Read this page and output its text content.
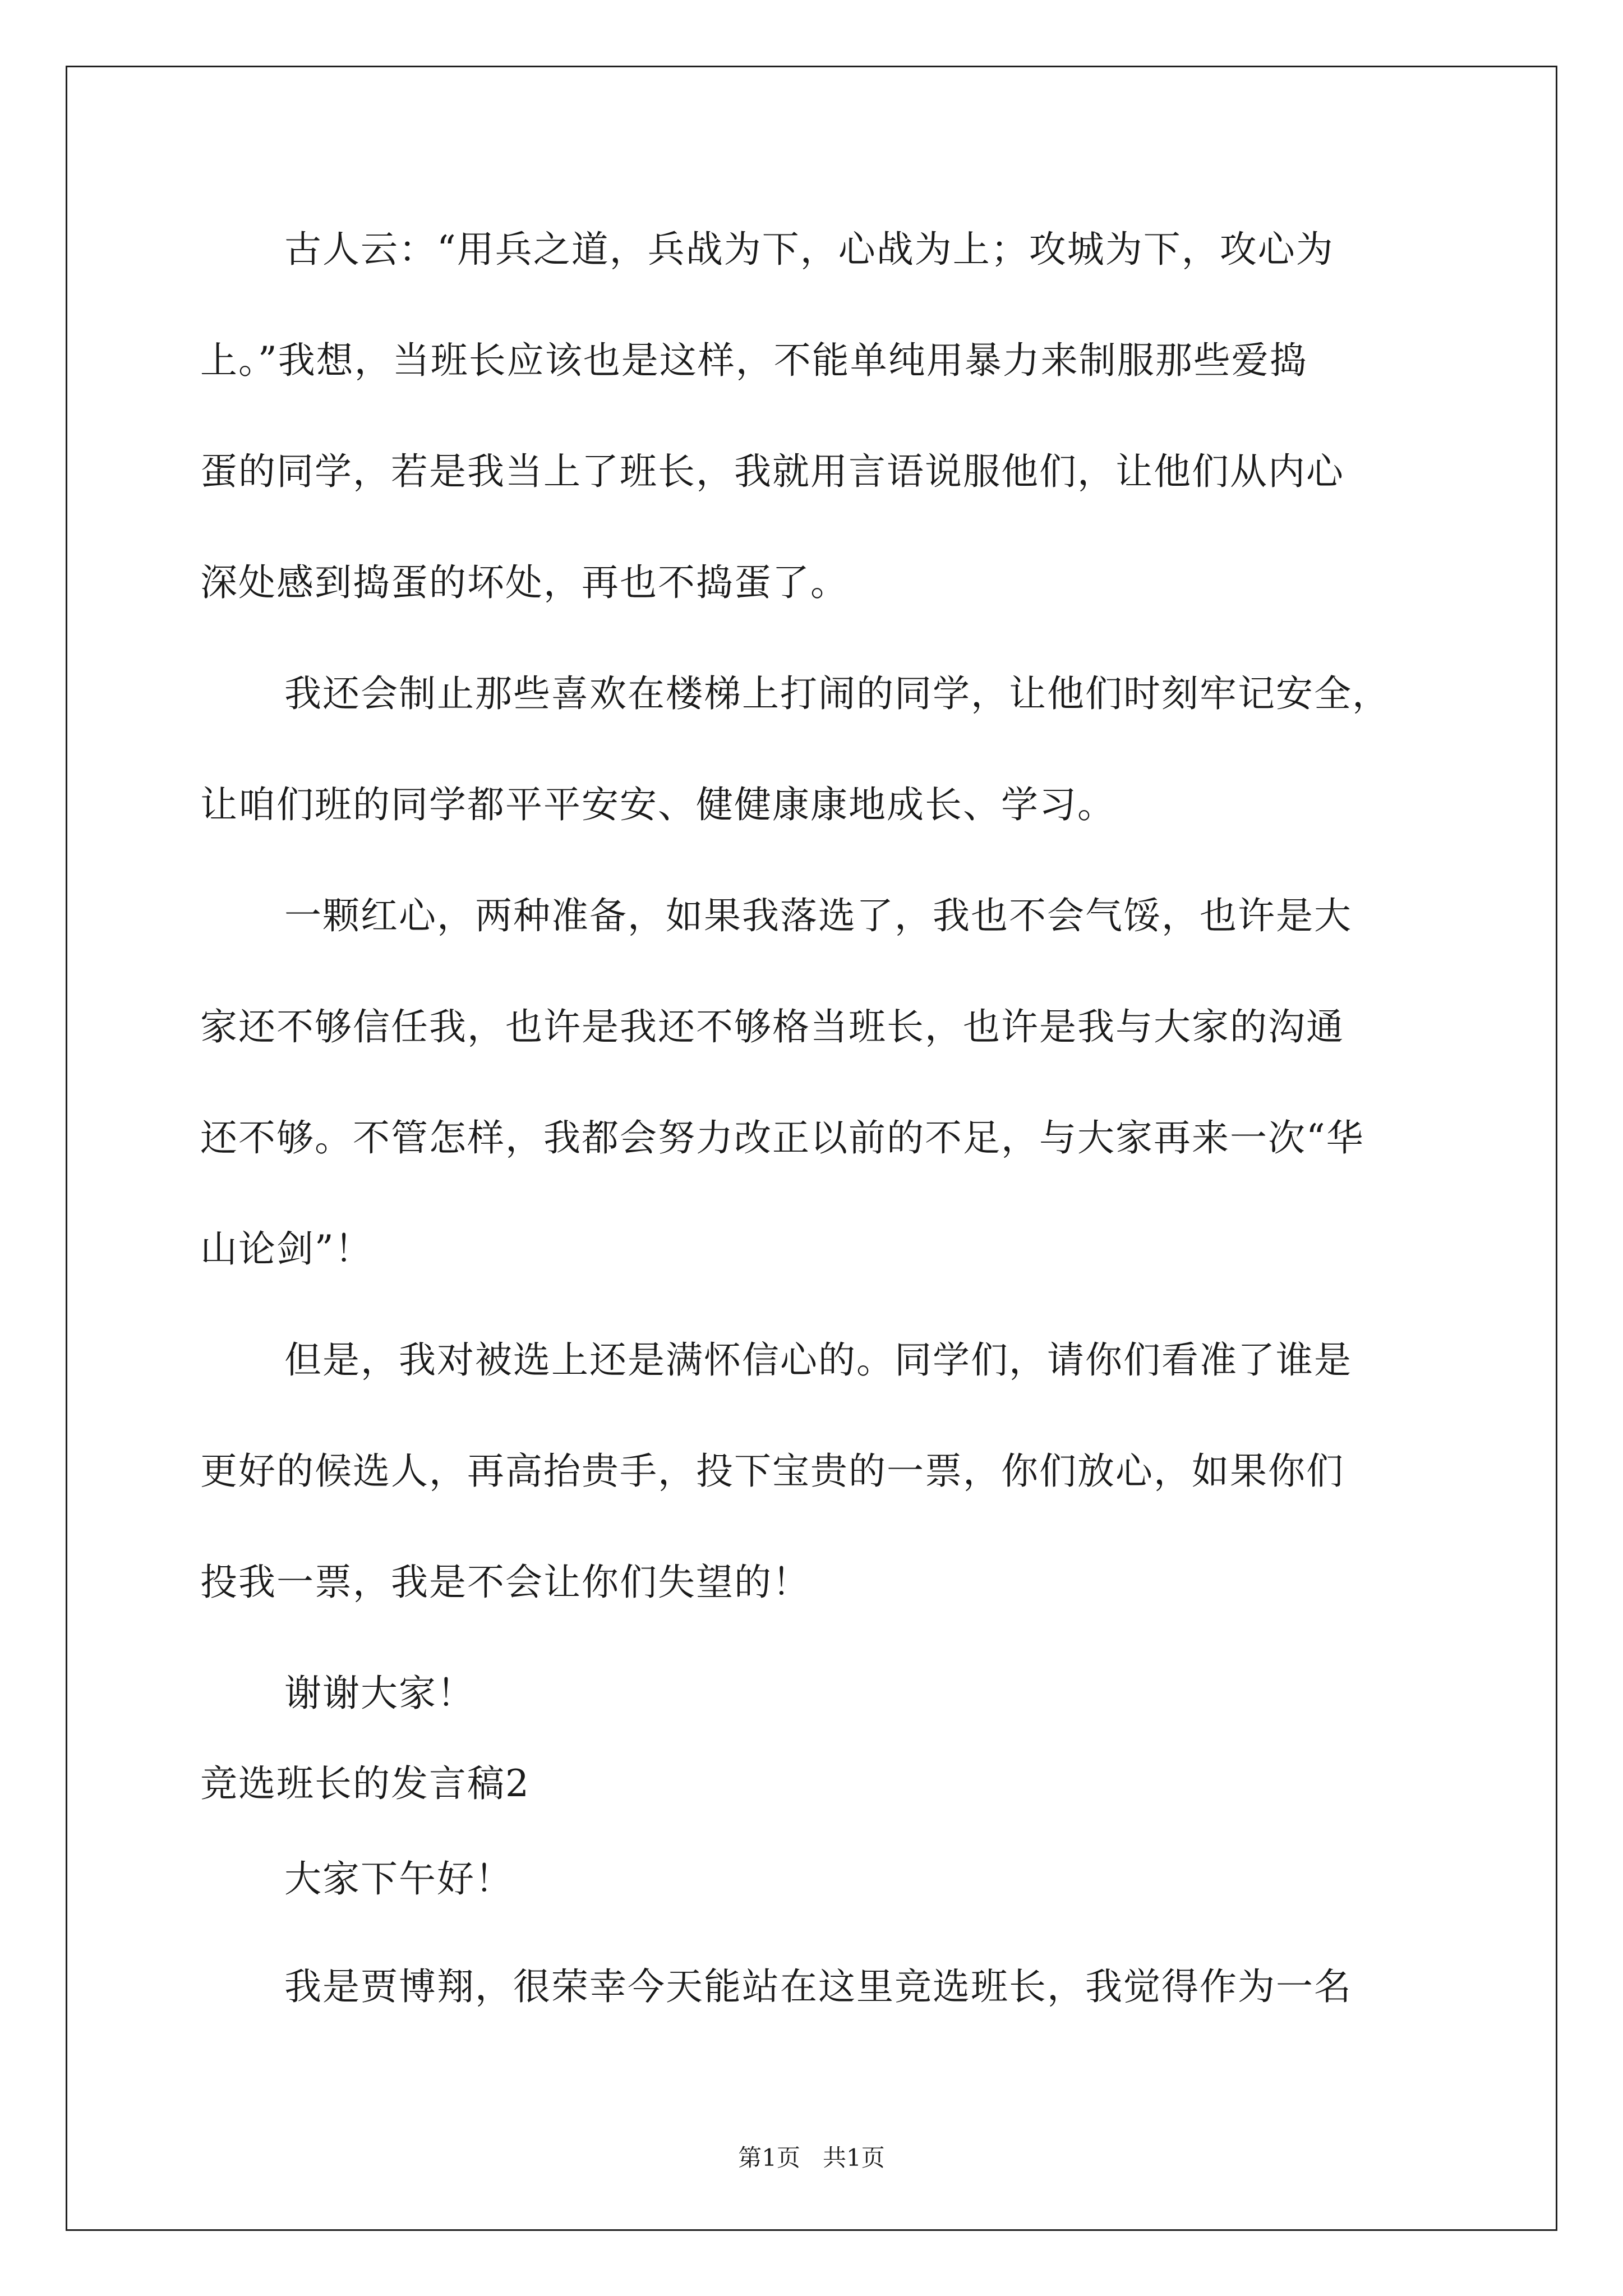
古人云：“用兵之道，兵战为下，心战为上；攻城为下，攻心为
上。”我想，当班长应该也是这样，不能单纯用暴力来制服那些爱捣
蛋的同学，若是我当上了班长，我就用言语说服他们，让他们从内心
深处感到捣蛋的坏处，再也不捣蛋了。
我还会制止那些喜欢在楼梯上打闹的同学，让他们时刻牢记安全，
让咱们班的同学都平平安安、健健康康地成长、学习。
一颗红心，两种准备，如果我落选了，我也不会气馁，也许是大
家还不够信任我，也许是我还不够格当班长，也许是我与大家的沟通
还不够。不管怎样，我都会努力改正以前的不足，与大家再来一次“华
山论剑”！
但是，我对被选上还是满怀信心的。同学们，请你们看准了谁是
更好的候选人，再高抬贵手，投下宝贵的一票，你们放心，如果你们
投我一票，我是不会让你们失望的！
谢谢大家！
竞选班长的发言稿2
大家下午好！
我是贾博翔，很荣幸今天能站在这里竞选班长，我觉得作为一名
第1页   共1页
